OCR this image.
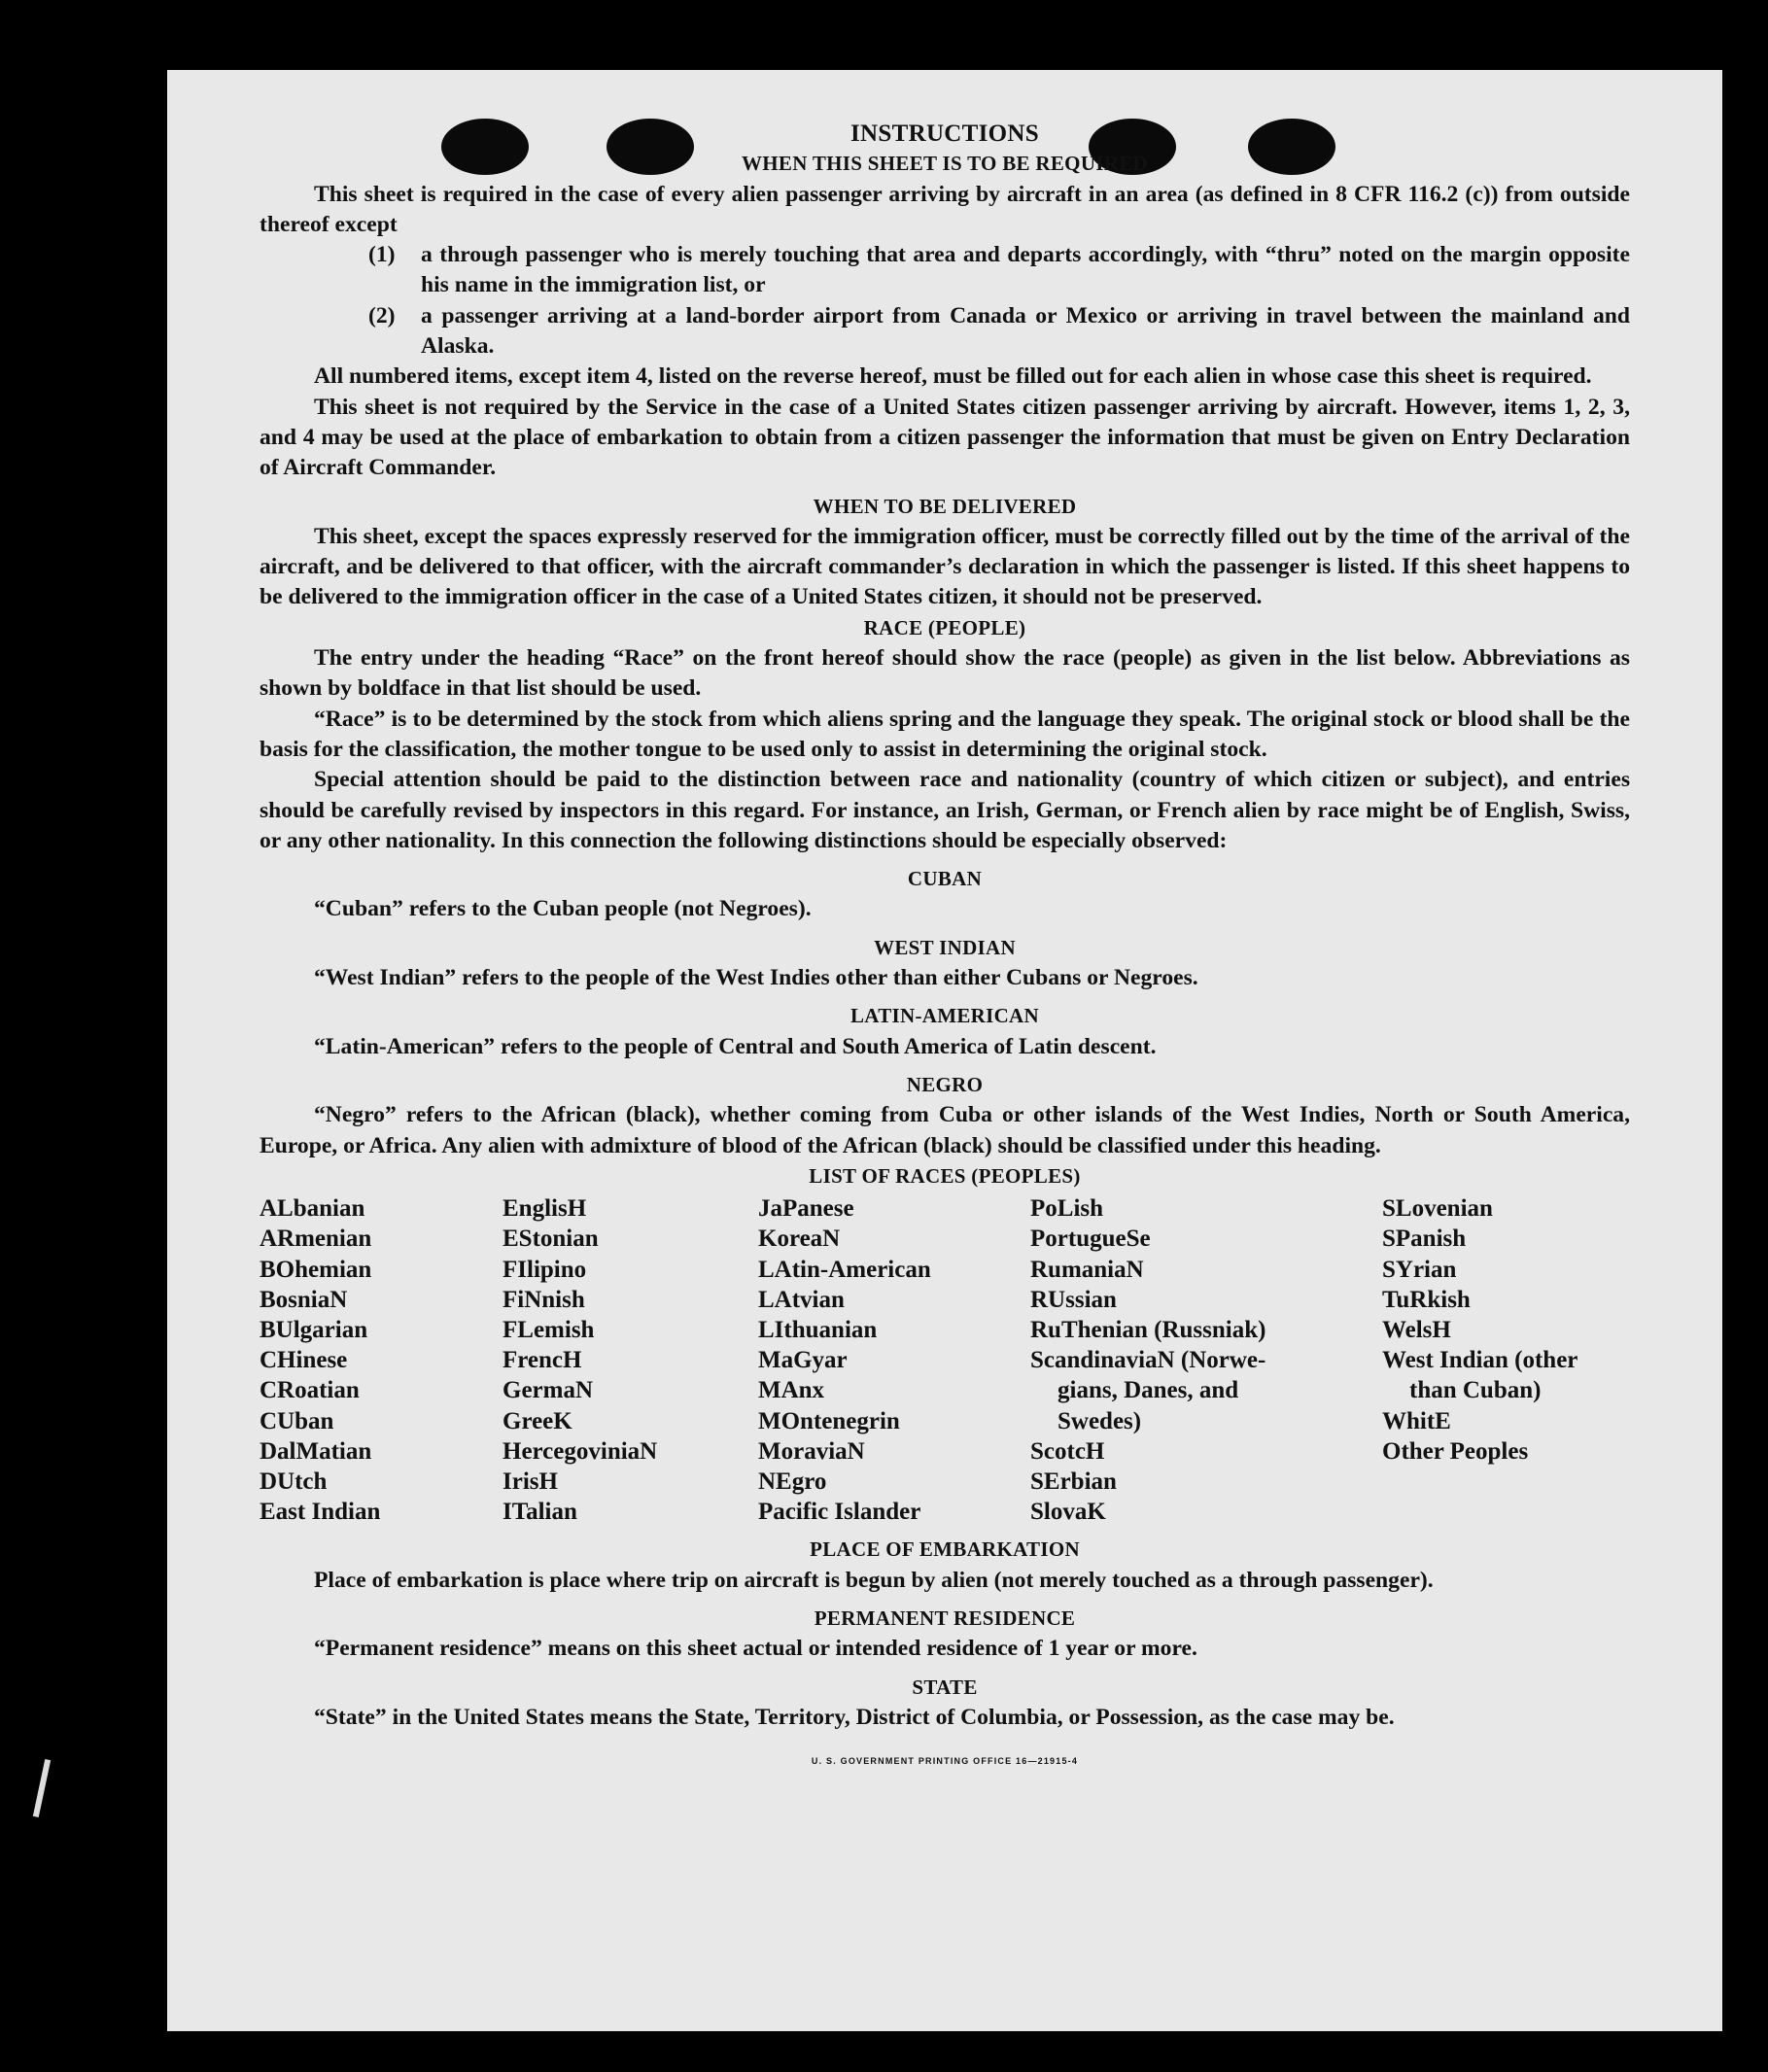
INSTRUCTIONS
WHEN THIS SHEET IS TO BE REQUIRED

This sheet is required in the case of every alien passenger arriving by aircraft in an area (as defined in 8 CFR 116.2 (c)) from outside thereof except

(1)	a through passenger who is merely touching that area and departs accordingly, with “thru” noted on the margin opposite his name in the immigration list, or
(2)	a passenger arriving at a land-border airport from Canada or Mexico or arriving in travel between the mainland and Alaska.

All numbered items, except item 4, listed on the reverse hereof, must be filled out for each alien in whose case this sheet is required.

This sheet is not required by the Service in the case of a United States citizen passenger arriving by aircraft. However, items 1, 2, 3, and 4 may be used at the place of embarkation to obtain from a citizen passenger the information that must be given on Entry Declaration of Aircraft Commander.

WHEN TO BE DELIVERED

This sheet, except the spaces expressly reserved for the immigration officer, must be correctly filled out by the time of the arrival of the aircraft, and be delivered to that officer, with the aircraft commander’s declaration in which the passenger is listed. If this sheet happens to be delivered to the immigration officer in the case of a United States citizen, it should not be preserved.

RACE (PEOPLE)

The entry under the heading “Race” on the front hereof should show the race (people) as given in the list below. Abbreviations as shown by boldface in that list should be used.

“Race” is to be determined by the stock from which aliens spring and the language they speak. The original stock or blood shall be the basis for the classification, the mother tongue to be used only to assist in determining the original stock.

Special attention should be paid to the distinction between race and nationality (country of which citizen or subject), and entries should be carefully revised by inspectors in this regard. For instance, an Irish, German, or French alien by race might be of English, Swiss, or any other nationality. In this connection the following distinctions should be especially observed:

CUBAN

“Cuban” refers to the Cuban people (not Negroes).

WEST INDIAN

“West Indian” refers to the people of the West Indies other than either Cubans or Negroes.

LATIN-AMERICAN

“Latin-American” refers to the people of Central and South America of Latin descent.

NEGRO

“Negro” refers to the African (black), whether coming from Cuba or other islands of the West Indies, North or South America, Europe, or Africa. Any alien with admixture of blood of the African (black) should be classified under this heading.

LIST OF RACES (PEOPLES)
ALbanian
ARmenian
BOhemian
BosniaN
BUlgarian
CHinese
CRoatian
CUban
DalMatian
DUtch
East Indian
EnglisH
EStonian
FIlipino
FiNnish
FLemish
FrencH
GermaN
GreeK
HercegoviniaN
IrisH
ITalian
JaPanese
KoreaN
LAtin-American
LAtvian
LIthuanian
MaGyar
MAnx
MOntenegrin
MoraviaN
NEgro
Pacific Islander
PoLish
PortugueSe
RumaniaN
RUssian
RuThenian (Russniak)
ScandinaviaN (Norwe-
gians, Danes, and
Swedes)
ScotcH
SErbian
SlovaK
SLovenian
SPanish
SYrian
TuRkish
WelsH
West Indian (other
than Cuban)
WhitE
Other Peoples
PLACE OF EMBARKATION

Place of embarkation is place where trip on aircraft is begun by alien (not merely touched as a through passenger).

PERMANENT RESIDENCE

“Permanent residence” means on this sheet actual or intended residence of 1 year or more.

STATE

“State” in the United States means the State, Territory, District of Columbia, or Possession, as the case may be.

U. S. GOVERNMENT PRINTING OFFICE 16—21915-4
